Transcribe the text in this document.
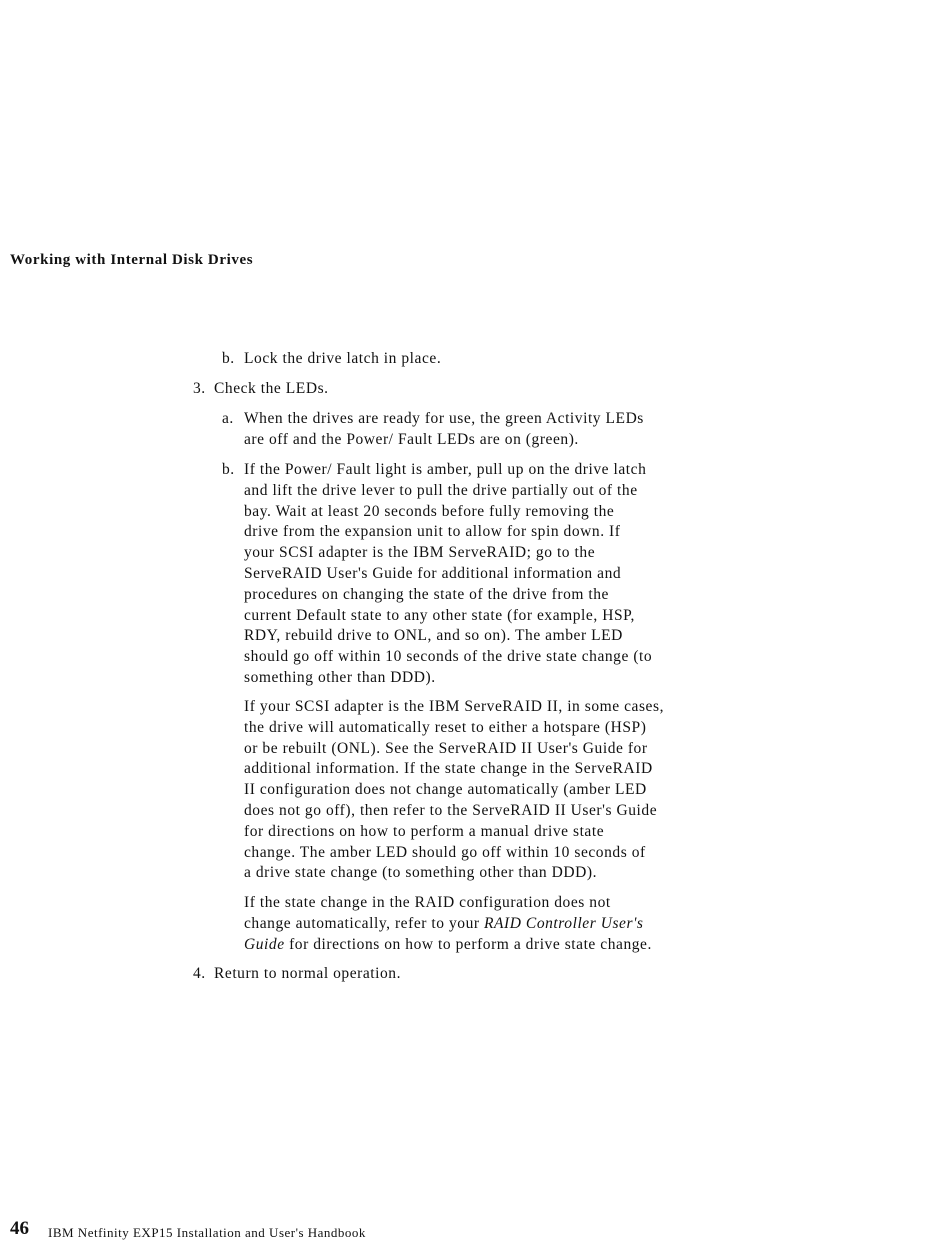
Working with Internal Disk Drives
b. Lock the drive latch in place.

3. Check the LEDs.

a. When the drives are ready for use, the green Activity LEDs
are off and the Power/ Fault LEDs are on (green).

b. If the Power/ Fault light is amber, pull up on the drive latch
and lift the drive lever to pull the drive partially out of the
bay. Wait at least 20 seconds before fully removing the
drive from the expansion unit to allow for spin down. If
your SCSI adapter is the IBM ServeRAID; go to the
ServeRAID User's Guide for additional information and
procedures on changing the state of the drive from the
current Default state to any other state (for example, HSP,
RDY, rebuild drive to ONL, and so on). The amber LED
should go off within 10 seconds of the drive state change (to
something other than DDD).

If your SCSI adapter is the IBM ServeRAID II, in some cases,
the drive will automatically reset to either a hotspare (HSP)
or be rebuilt (ONL). See the ServeRAID II User's Guide for
additional information. If the state change in the ServeRAID
II configuration does not change automatically (amber LED
does not go off), then refer to the ServeRAID II User's Guide
for directions on how to perform a manual drive state
change. The amber LED should go off within 10 seconds of
a drive state change (to something other than DDD).

If the state change in the RAID configuration does not
change automatically, refer to your RAID Controller User's
Guide for directions on how to perform a drive state change.

4. Return to normal operation.

46 IBM Netfinity EXP15 Installation and User's Handbook
